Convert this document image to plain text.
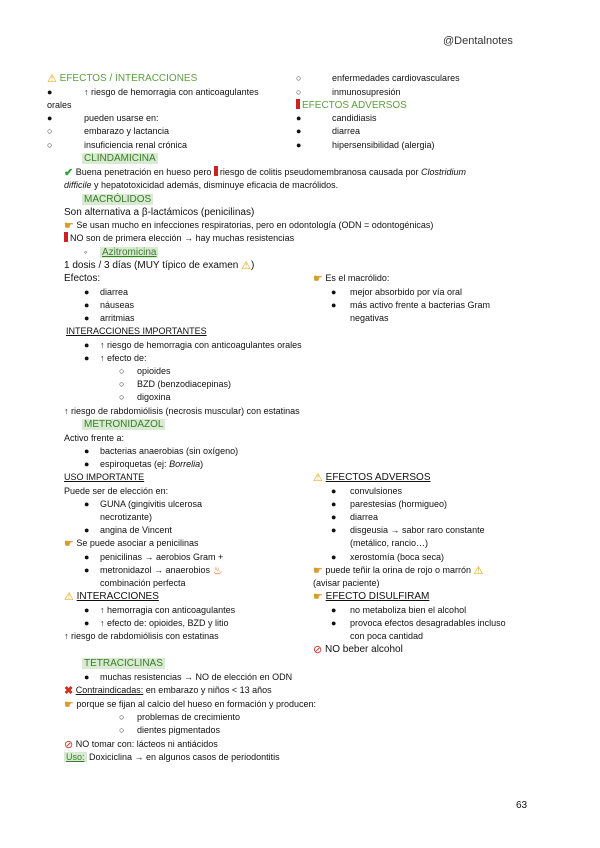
@Dentalnotes
⚠ EFECTOS / INTERACCIONES
●	↑ riesgo de hemorragia con anticoagulantes
orales
●	pueden usarse en:
○	embarazo y lactancia
○	insuficiencia renal crónica
○	enfermedades cardiovasculares
○	inmunosupresión
EFECTOS ADVERSOS
●	candidiasis
●	diarrea
●	hipersensibilidad (alergia)
CLINDAMICINA
✔ Buena penetración en hueso pero riesgo de colitis pseudomembranosa causada por Clostridium
difficile y hepatotoxicidad además, disminuye eficacia de macrólidos.
MACRÓLIDOS
Son alternativa a β-lactámicos (penicilinas)
☛ Se usan mucho en infecciones respiratorias, pero en odontología (ODN = odontogénicas)
NO son de primera elección → hay muchas resistencias
◦ Azitromicina
1 dosis / 3 días (MUY típico de examen ⚠)
Efectos:
● diarrea
● náuseas
● arritmias
☛ Es el macrólido:
● mejor absorbido por vía oral
● más activo frente a bacterias Gram
negativas
INTERACCIONES IMPORTANTES
● ↑ riesgo de hemorragia con anticoagulantes orales
● ↑ efecto de:
○ opioides
○ BZD (benzodiacepinas)
○ digoxina
↑ riesgo de rabdomiólisis (necrosis muscular) con estatinas
METRONIDAZOL
Activo frente a:
● bacterias anaerobias (sin oxígeno)
● espiroquetas (ej: Borrelia)
USO IMPORTANTE
Puede ser de elección en:
● GUNA (gingivitis ulcerosa
necrotizante)
● angina de Vincent
☛ Se puede asociar a penicilinas
● penicilinas → aerobios Gram +
● metronidazol → anaerobios ♨
combinación perfecta
⚠ INTERACCIONES
● ↑ hemorragia con anticoagulantes
● ↑ efecto de: opioides, BZD y litio
↑ riesgo de rabdomiólisis con estatinas
⚠ EFECTOS ADVERSOS
● convulsiones
● parestesias (hormigueo)
● diarrea
● disgeusia → sabor raro constante
(metálico, rancio…)
● xerostomía (boca seca)
☛ puede teñir la orina de rojo o marrón ⚠
(avisar paciente)
☛ EFECTO DISULFIRAM
● no metaboliza bien el alcohol
● provoca efectos desagradables incluso
con poca cantidad
⊘ NO beber alcohol
TETRACICLINAS
● muchas resistencias → NO de elección en ODN
✖ Contraindicadas: en embarazo y niños < 13 años
☛ porque se fijan al calcio del hueso en formación y producen:
○ problemas de crecimiento
○ dientes pigmentados
⊘ NO tomar con: lácteos ni antiácidos
Uso: Doxiciclina → en algunos casos de periodontitis
63
